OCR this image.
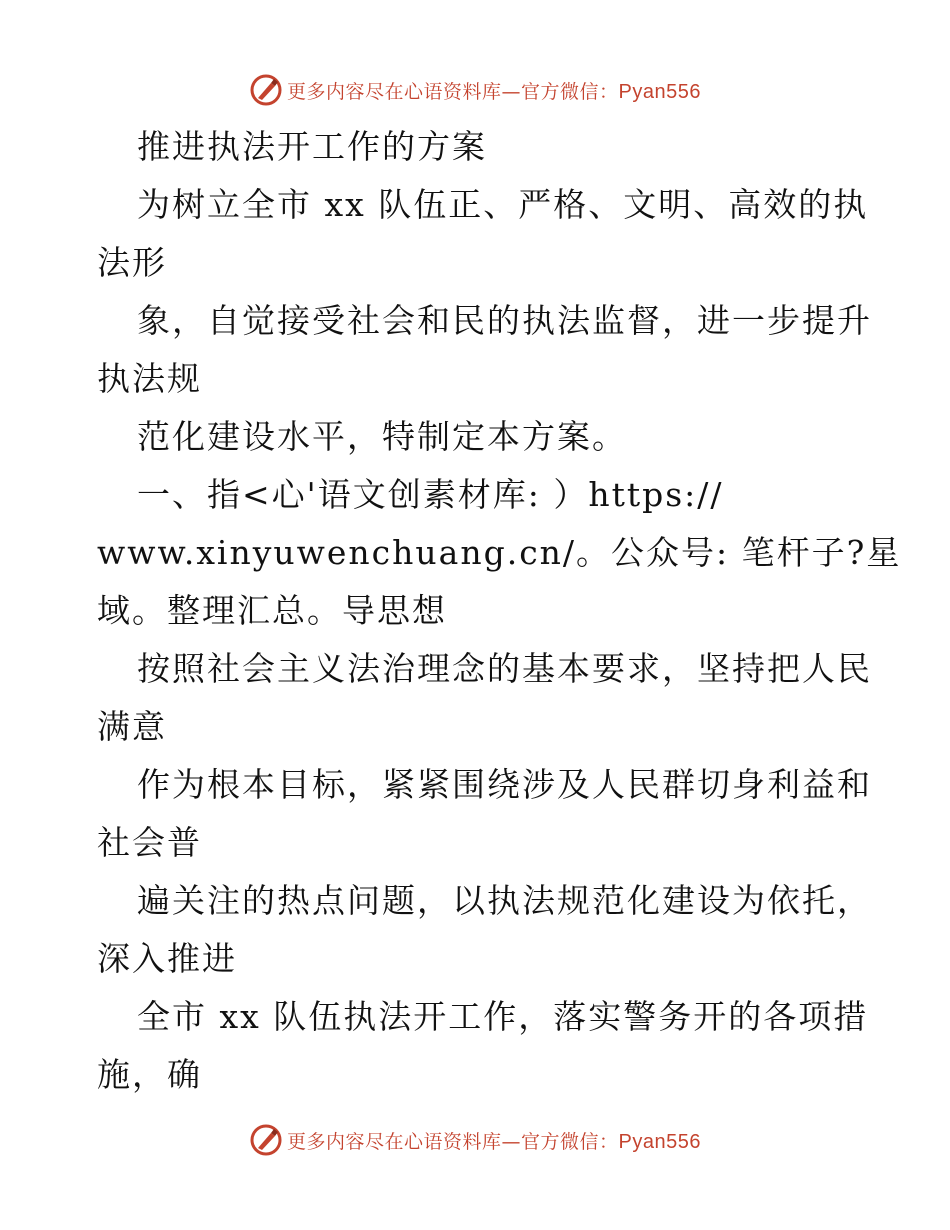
更多内容尽在心语资料库—官方微信：Pyan556
推进执法开工作的方案
为树立全市 xx 队伍正、严格、文明、高效的执
法形
象，自觉接受社会和民的执法监督，进一步提升
执法规
范化建设水平，特制定本方案。
一、指<心'语文创素材库: ）https://
www.xinyuwenchuang.cn/。公众号: 笔杆子?星
域。整理汇总。导思想
按照社会主义法治理念的基本要求，坚持把人民
满意
作为根本目标，紧紧围绕涉及人民群切身利益和
社会普
遍关注的热点问题，以执法规范化建设为依托，
深入推进
全市 xx 队伍执法开工作，落实警务开的各项措
施，确
更多内容尽在心语资料库—官方微信：Pyan556
